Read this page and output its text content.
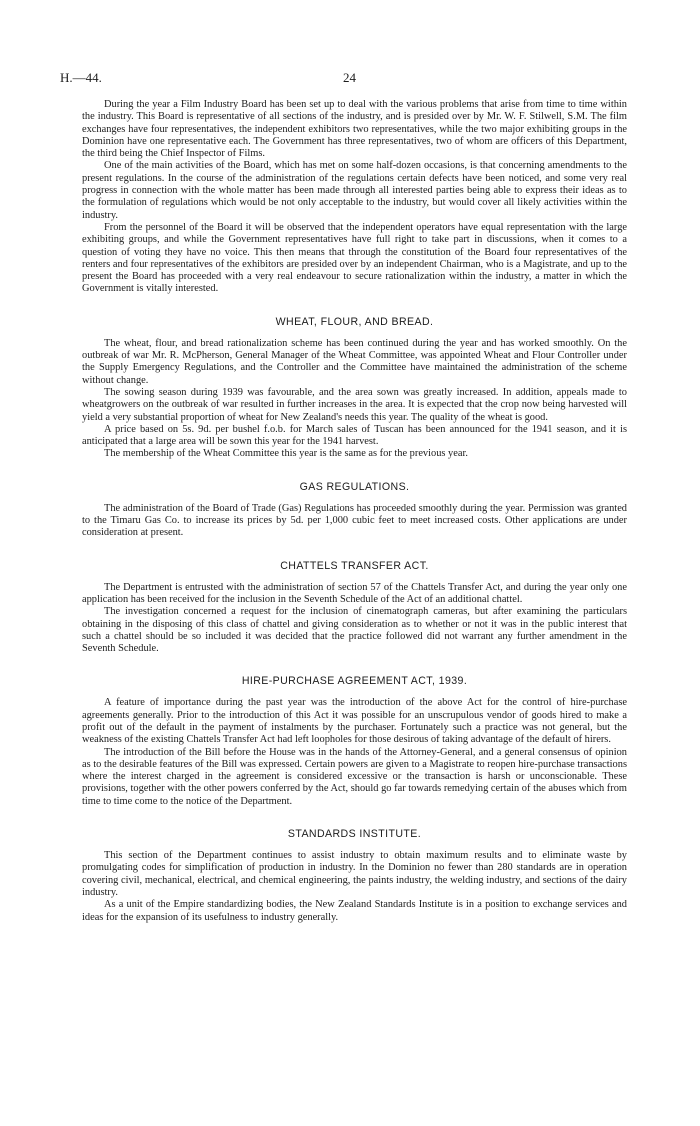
H.—44.	24

During the year a Film Industry Board has been set up to deal with the various problems that arise from time to time within the industry. This Board is representative of all sections of the industry, and is presided over by Mr. W. F. Stilwell, S.M. The film exchanges have four representatives, the independent exhibitors two representatives, while the two major exhibiting groups in the Dominion have one representative each. The Government has three representatives, two of whom are officers of this Department, the third being the Chief Inspector of Films.

One of the main activities of the Board, which has met on some half-dozen occasions, is that concerning amendments to the present regulations. In the course of the administration of the regulations certain defects have been noticed, and some very real progress in connection with the whole matter has been made through all interested parties being able to express their ideas as to the formulation of regulations which would be not only acceptable to the industry, but would cover all likely activities within the industry.

From the personnel of the Board it will be observed that the independent operators have equal representation with the large exhibiting groups, and while the Government representatives have full right to take part in discussions, when it comes to a question of voting they have no voice. This then means that through the constitution of the Board four representatives of the renters and four representatives of the exhibitors are presided over by an independent Chairman, who is a Magistrate, and up to the present the Board has proceeded with a very real endeavour to secure rationalization within the industry, a matter in which the Government is vitally interested.

WHEAT, FLOUR, AND BREAD.

The wheat, flour, and bread rationalization scheme has been continued during the year and has worked smoothly. On the outbreak of war Mr. R. McPherson, General Manager of the Wheat Committee, was appointed Wheat and Flour Controller under the Supply Emergency Regulations, and the Controller and the Committee have maintained the administration of the scheme without change.

The sowing season during 1939 was favourable, and the area sown was greatly increased. In addition, appeals made to wheatgrowers on the outbreak of war resulted in further increases in the area. It is expected that the crop now being harvested will yield a very substantial proportion of wheat for New Zealand's needs this year. The quality of the wheat is good.

A price based on 5s. 9d. per bushel f.o.b. for March sales of Tuscan has been announced for the 1941 season, and it is anticipated that a large area will be sown this year for the 1941 harvest.

The membership of the Wheat Committee this year is the same as for the previous year.

GAS REGULATIONS.

The administration of the Board of Trade (Gas) Regulations has proceeded smoothly during the year. Permission was granted to the Timaru Gas Co. to increase its prices by 5d. per 1,000 cubic feet to meet increased costs. Other applications are under consideration at present.

CHATTELS TRANSFER ACT.

The Department is entrusted with the administration of section 57 of the Chattels Transfer Act, and during the year only one application has been received for the inclusion in the Seventh Schedule of the Act of an additional chattel.

The investigation concerned a request for the inclusion of cinematograph cameras, but after examining the particulars obtaining in the disposing of this class of chattel and giving consideration as to whether or not it was in the public interest that such a chattel should be so included it was decided that the practice followed did not warrant any further amendment in the Seventh Schedule.

HIRE-PURCHASE AGREEMENT ACT, 1939.

A feature of importance during the past year was the introduction of the above Act for the control of hire-purchase agreements generally. Prior to the introduction of this Act it was possible for an unscrupulous vendor of goods hired to make a profit out of the default in the payment of instalments by the purchaser. Fortunately such a practice was not general, but the weakness of the existing Chattels Transfer Act had left loopholes for those desirous of taking advantage of the default of hirers.

The introduction of the Bill before the House was in the hands of the Attorney-General, and a general consensus of opinion as to the desirable features of the Bill was expressed. Certain powers are given to a Magistrate to reopen hire-purchase transactions where the interest charged in the agreement is considered excessive or the transaction is harsh or unconscionable. These provisions, together with the other powers conferred by the Act, should go far towards remedying certain of the abuses which from time to time come to the notice of the Department.

STANDARDS INSTITUTE.

This section of the Department continues to assist industry to obtain maximum results and to eliminate waste by promulgating codes for simplification of production in industry. In the Dominion no fewer than 280 standards are in operation covering civil, mechanical, electrical, and chemical engineering, the paints industry, the welding industry, and sections of the dairy industry.

As a unit of the Empire standardizing bodies, the New Zealand Standards Institute is in a position to exchange services and ideas for the expansion of its usefulness to industry generally.
